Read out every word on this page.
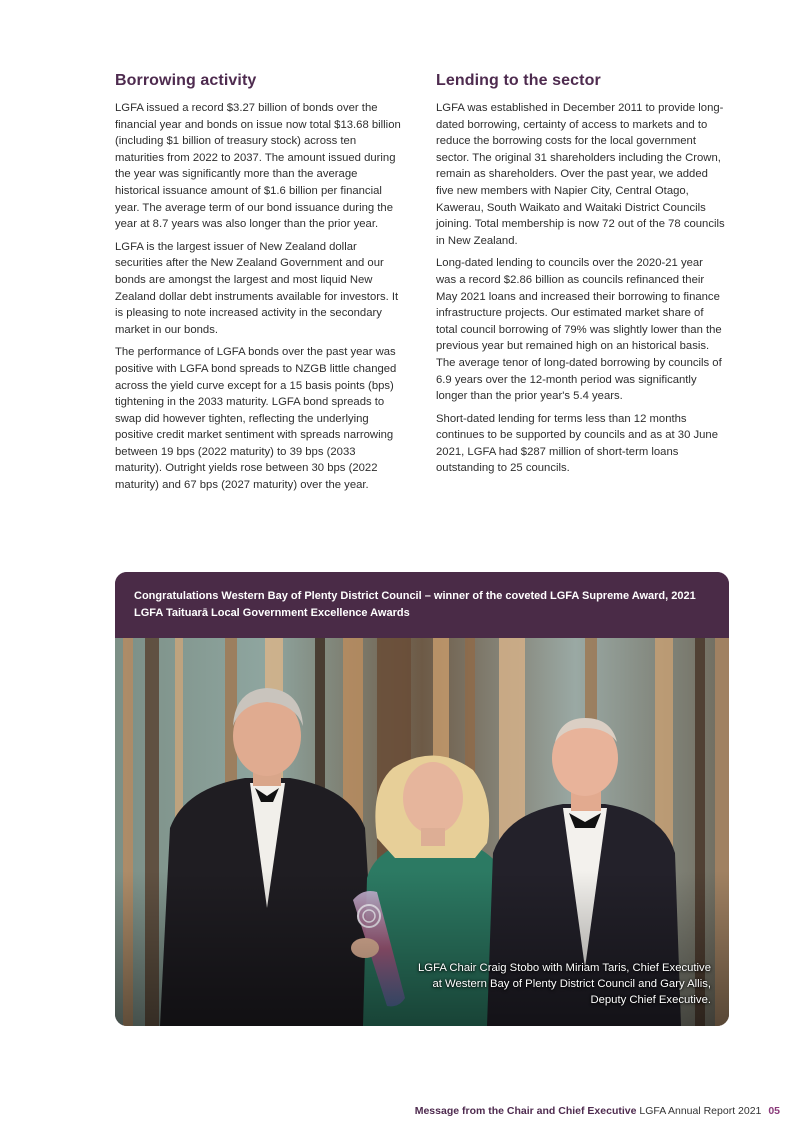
Borrowing activity

LGFA issued a record $3.27 billion of bonds over the financial year and bonds on issue now total $13.68 billion (including $1 billion of treasury stock) across ten maturities from 2022 to 2037. The amount issued during the year was significantly more than the average historical issuance amount of $1.6 billion per financial year. The average term of our bond issuance during the year at 8.7 years was also longer than the prior year.

LGFA is the largest issuer of New Zealand dollar securities after the New Zealand Government and our bonds are amongst the largest and most liquid New Zealand dollar debt instruments available for investors. It is pleasing to note increased activity in the secondary market in our bonds.

The performance of LGFA bonds over the past year was positive with LGFA bond spreads to NZGB little changed across the yield curve except for a 15 basis points (bps) tightening in the 2033 maturity. LGFA bond spreads to swap did however tighten, reflecting the underlying positive credit market sentiment with spreads narrowing between 19 bps (2022 maturity) to 39 bps (2033 maturity). Outright yields rose between 30 bps (2022 maturity) and 67 bps (2027 maturity) over the year.

Lending to the sector

LGFA was established in December 2011 to provide long-dated borrowing, certainty of access to markets and to reduce the borrowing costs for the local government sector. The original 31 shareholders including the Crown, remain as shareholders. Over the past year, we added five new members with Napier City, Central Otago, Kawerau, South Waikato and Waitaki District Councils joining. Total membership is now 72 out of the 78 councils in New Zealand.

Long-dated lending to councils over the 2020-21 year was a record $2.86 billion as councils refinanced their May 2021 loans and increased their borrowing to finance infrastructure projects. Our estimated market share of total council borrowing of 79% was slightly lower than the previous year but remained high on an historical basis. The average tenor of long-dated borrowing by councils of 6.9 years over the 12-month period was significantly longer than the prior year's 5.4 years.

Short-dated lending for terms less than 12 months continues to be supported by councils and as at 30 June 2021, LGFA had $287 million of short-term loans outstanding to 25 councils.

Congratulations Western Bay of Plenty District Council – winner of the coveted LGFA Supreme Award, 2021 LGFA Taituarā Local Government Excellence Awards
LGFA Chair Craig Stobo with Miriam Taris, Chief Executive at Western Bay of Plenty District Council and Gary Allis, Deputy Chief Executive.
Message from the Chair and Chief Executive LGFA Annual Report 2021 05
